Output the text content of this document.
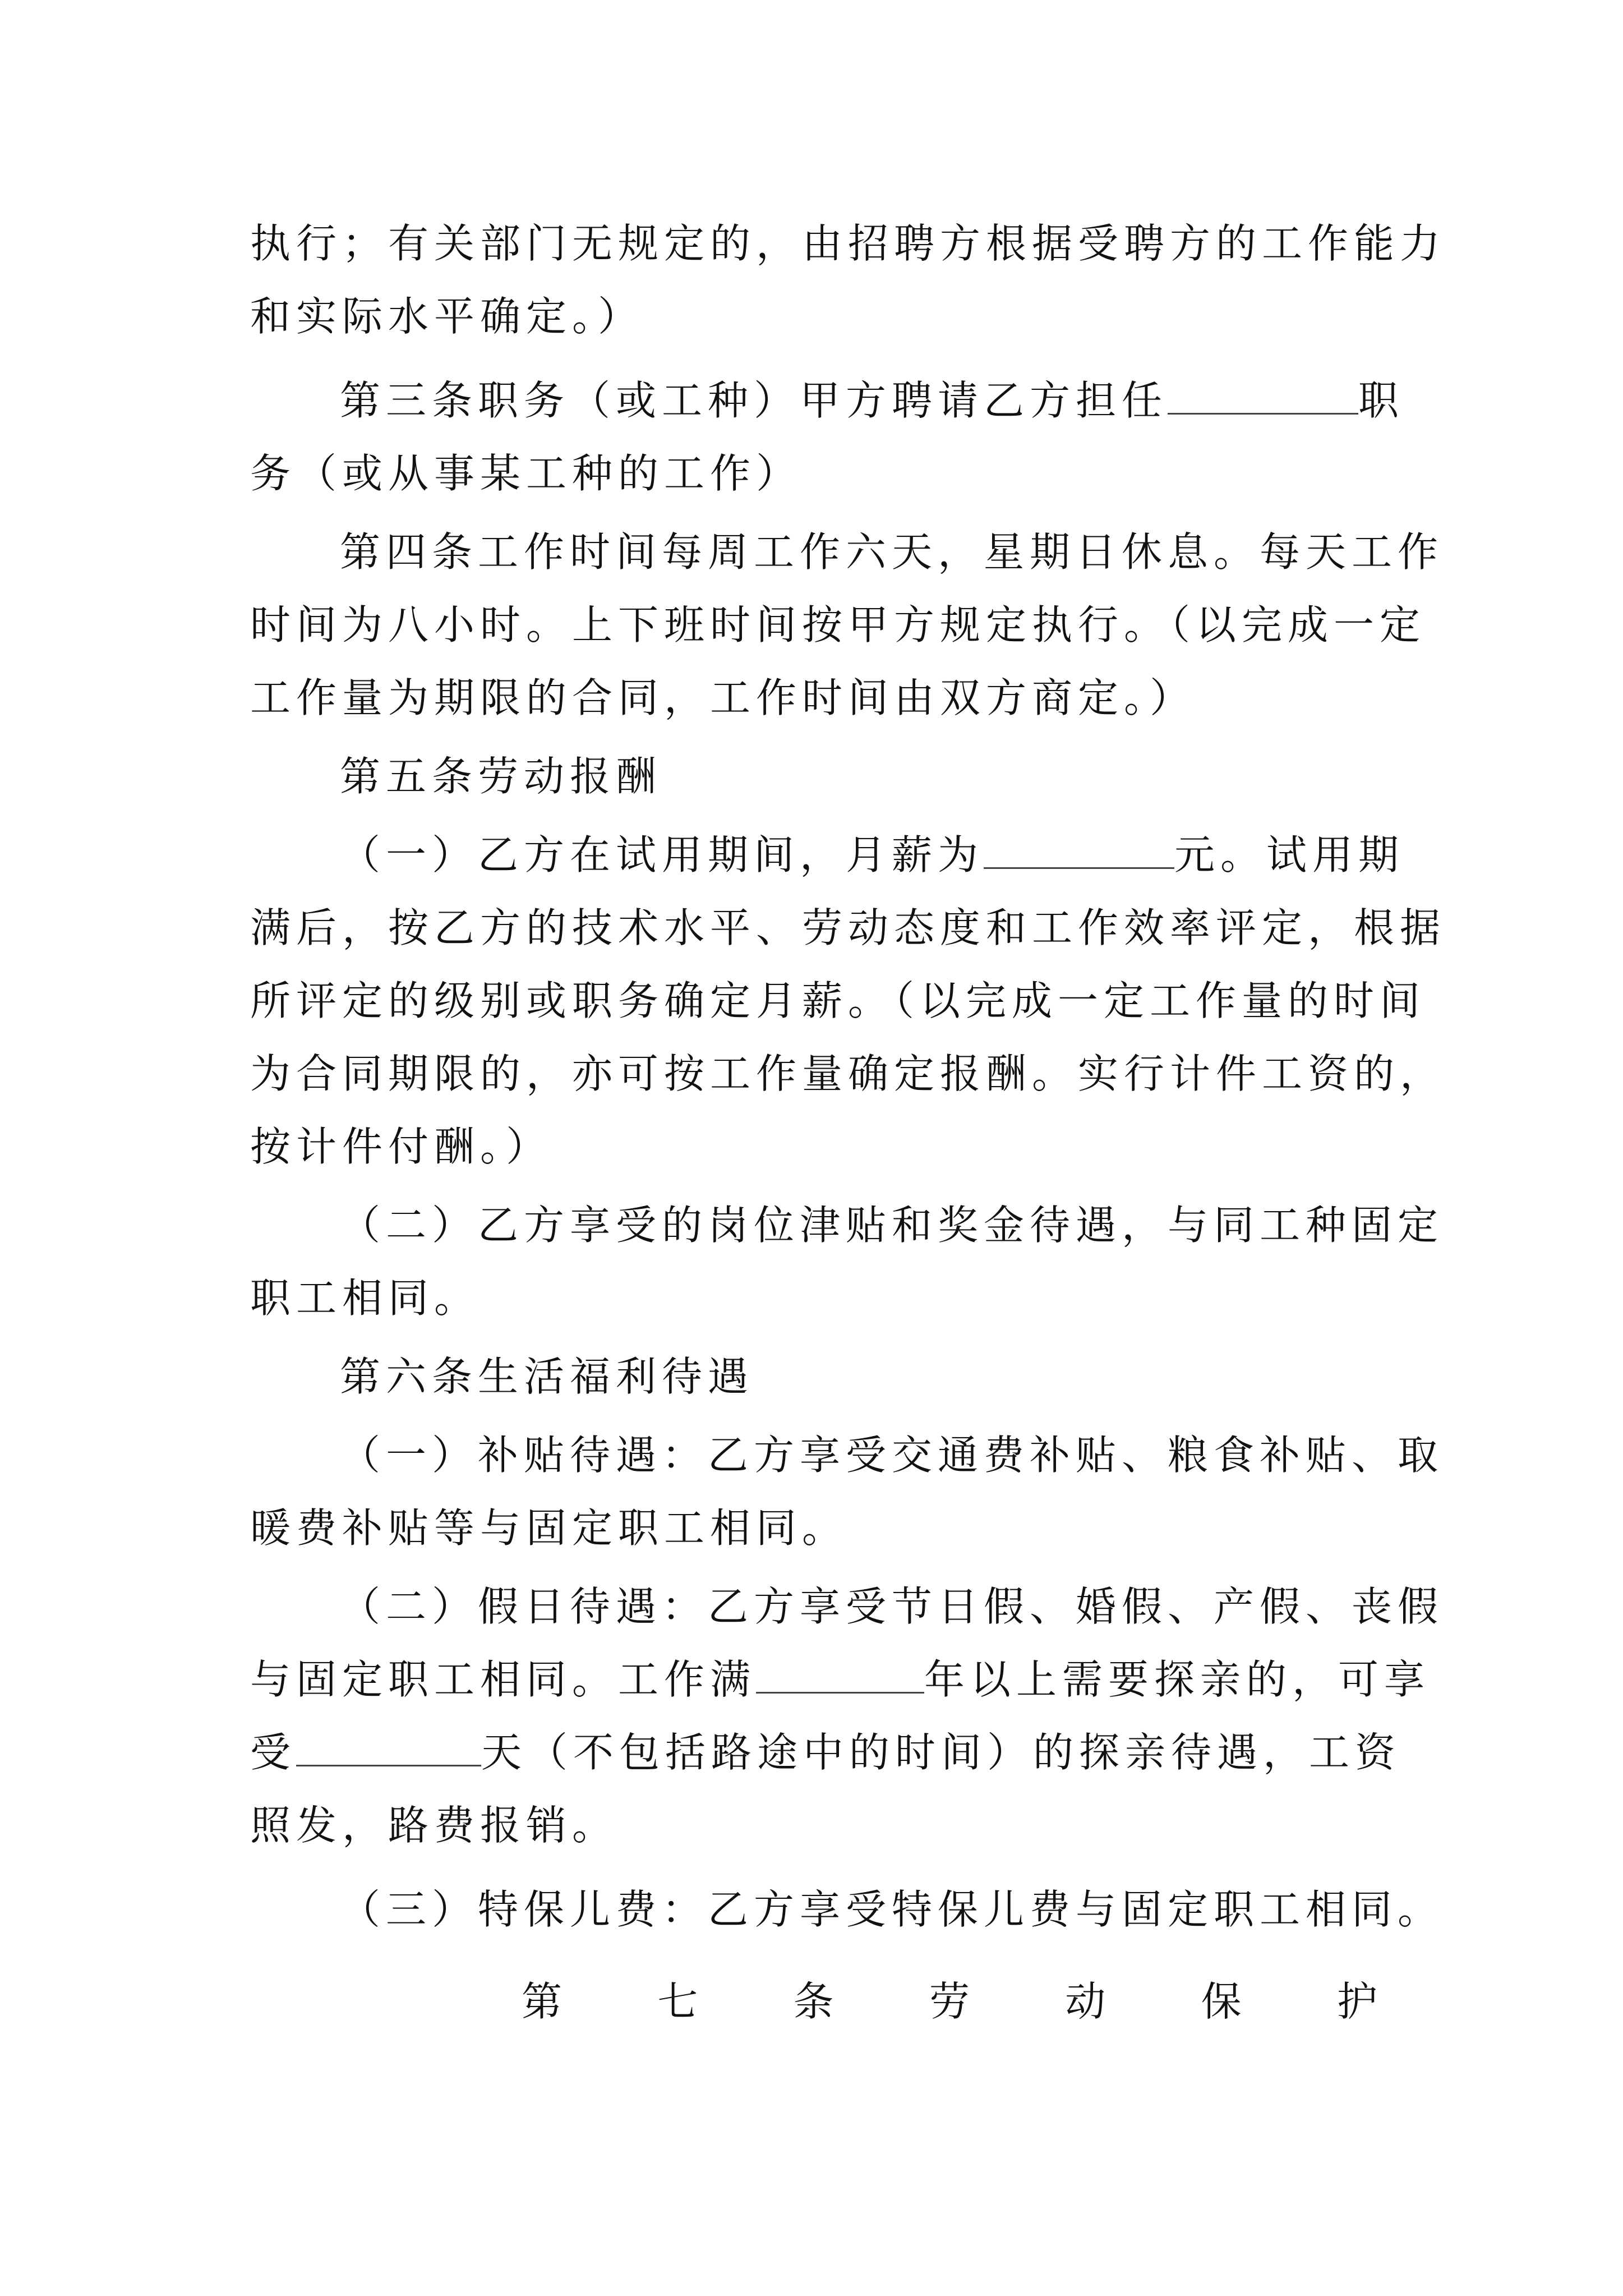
执行；有关部门无规定的，由招聘方根据受聘方的工作能力
和实际水平确定。）
第三条职务（或工种）甲方聘请乙方担任	职
务（或从事某工种的工作）
第四条工作时间每周工作六天，星期日休息。每天工作
时间为八小时。上下班时间按甲方规定执行。（以完成一定
工作量为期限的合同，工作时间由双方商定。）
第五条劳动报酬
（一）乙方在试用期间，月薪为	元。试用期
满后，按乙方的技术水平、劳动态度和工作效率评定，根据
所评定的级别或职务确定月薪。（以完成一定工作量的时间
为合同期限的，亦可按工作量确定报酬。实行计件工资的，
按计件付酬。）
（二）乙方享受的岗位津贴和奖金待遇，与同工种固定
职工相同。
第六条生活福利待遇
（一）补贴待遇：乙方享受交通费补贴、粮食补贴、取
暖费补贴等与固定职工相同。
（二）假日待遇：乙方享受节日假、婚假、产假、丧假
与固定职工相同。工作满	年以上需要探亲的，可享
受	天（不包括路途中的时间）的探亲待遇，工资
照发，路费报销。
（三）特保儿费：乙方享受特保儿费与固定职工相同。
第 七 条 劳 动 保 护
